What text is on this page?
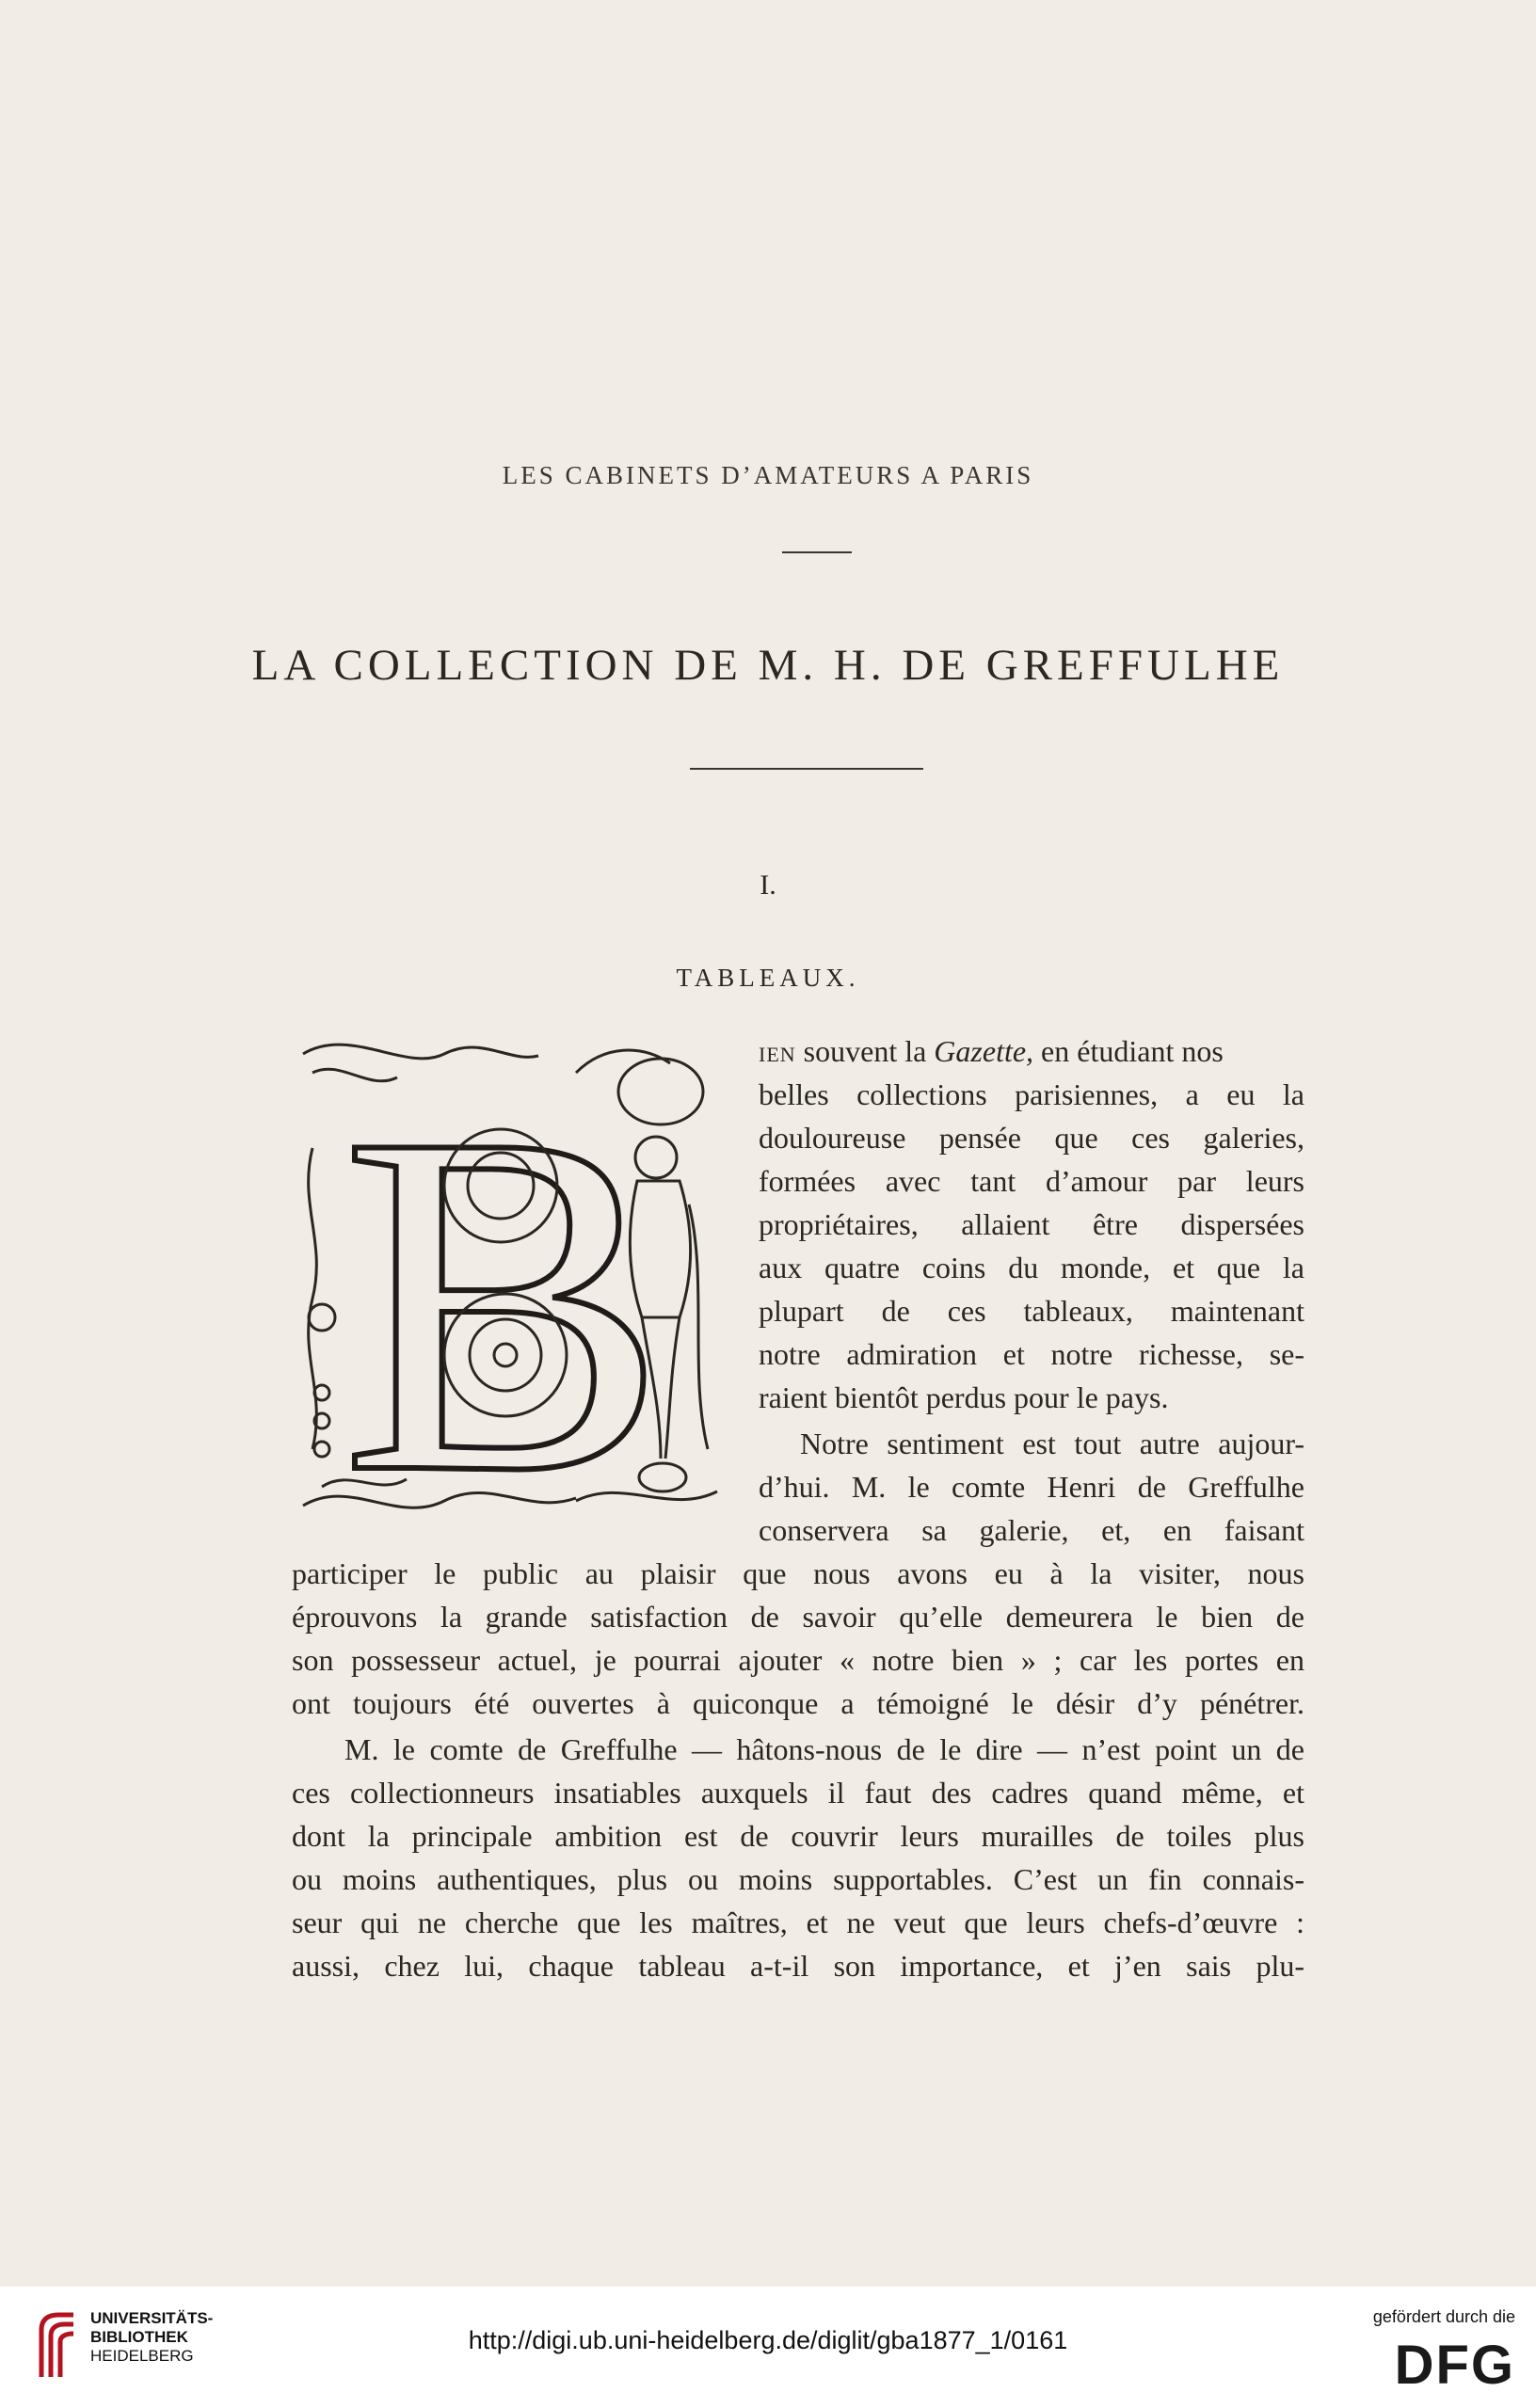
LES CABINETS D’AMATEURS A PARIS
LA COLLECTION DE M. H. DE GREFFULHE
I.
TABLEAUX.
B	ien souvent la Gazette, en étudiant nos
belles collections parisiennes, a eu la
douloureuse pensée que ces galeries,
formées avec tant d’amour par leurs
propriétaires, allaient être dispersées
aux quatre coins du monde, et que la
plupart de ces tableaux, maintenant
notre admiration et notre richesse, se-
raient bientôt perdus pour le pays.
Notre sentiment est tout autre aujour-
d’hui. M. le comte Henri de Greffulhe
conservera sa galerie, et, en faisant
participer le public au plaisir que nous avons eu à la visiter, nous
éprouvons la grande satisfaction de savoir qu’elle demeurera le bien de
son possesseur actuel, je pourrai ajouter « notre bien » ; car les portes en
ont toujours été ouvertes à quiconque a témoigné le désir d’y pénétrer.
M. le comte de Greffulhe — hâtons-nous de le dire — n’est point un de
ces collectionneurs insatiables auxquels il faut des cadres quand même, et
dont la principale ambition est de couvrir leurs murailles de toiles plus
ou moins authentiques, plus ou moins supportables. C’est un fin connais-
seur qui ne cherche que les maîtres, et ne veut que leurs chefs-d’œuvre :
aussi, chez lui, chaque tableau a-t-il son importance, et j’en sais plu-
UNIVERSITÄTS-
BIBLIOTHEK
HEIDELBERG
http://digi.ub.uni-heidelberg.de/diglit/gba1877_1/0161
gefördert durch die
DFG
